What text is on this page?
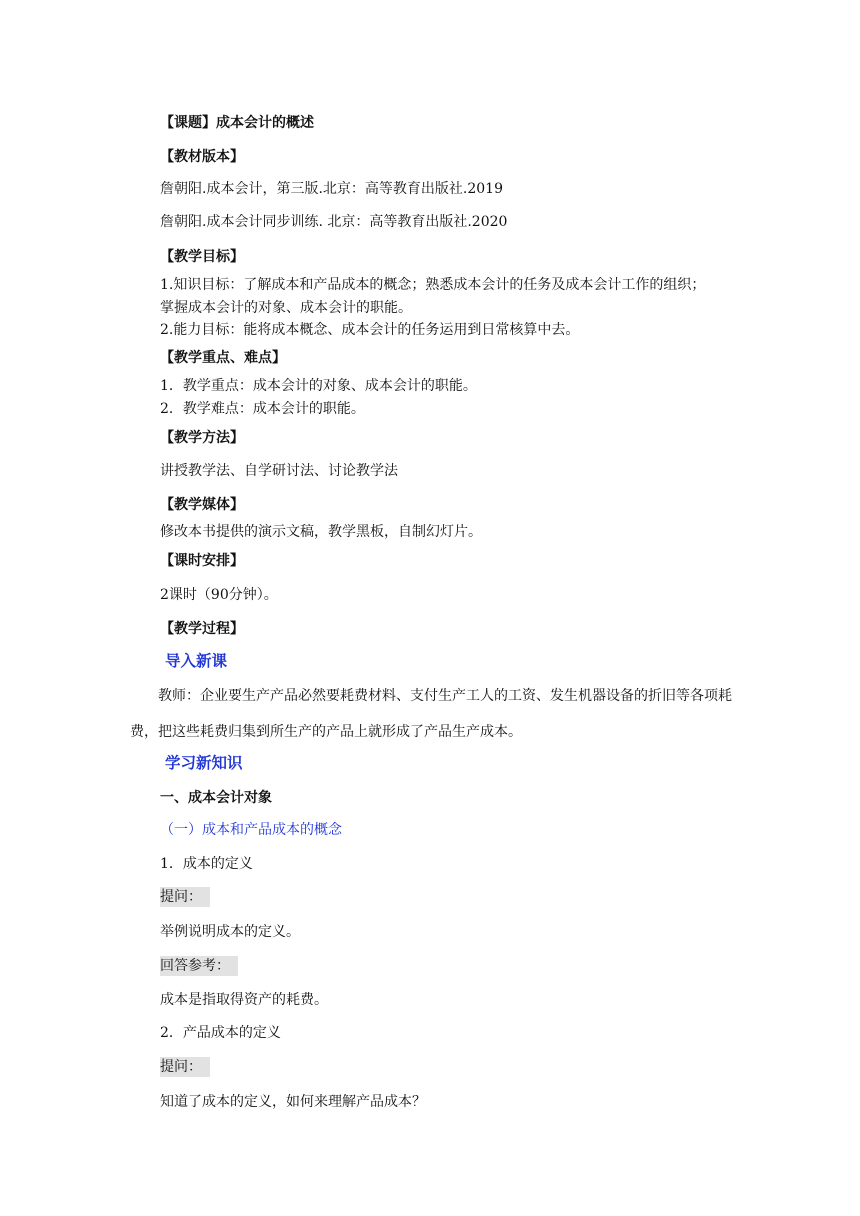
【课题】成本会计的概述
【教材版本】
詹朝阳.成本会计，第三版.北京：高等教育出版社.2019
詹朝阳.成本会计同步训练. 北京：高等教育出版社.2020
【教学目标】
1.知识目标：了解成本和产品成本的概念；熟悉成本会计的任务及成本会计工作的组织；
掌握成本会计的对象、成本会计的职能。
2.能力目标：能将成本概念、成本会计的任务运用到日常核算中去。
【教学重点、难点】
1．教学重点：成本会计的对象、成本会计的职能。
2．教学难点：成本会计的职能。
【教学方法】
讲授教学法、自学研讨法、讨论教学法
【教学媒体】
修改本书提供的演示文稿，教学黑板，自制幻灯片。
【课时安排】
2课时（90分钟）。
【教学过程】
导入新课
教师：企业要生产产品必然要耗费材料、支付生产工人的工资、发生机器设备的折旧等各项耗费，把这些耗费归集到所生产的产品上就形成了产品生产成本。
学习新知识
一、成本会计对象
（一）成本和产品成本的概念
1．成本的定义
提问：
举例说明成本的定义。
回答参考：
成本是指取得资产的耗费。
2．产品成本的定义
提问：
知道了成本的定义，如何来理解产品成本？
